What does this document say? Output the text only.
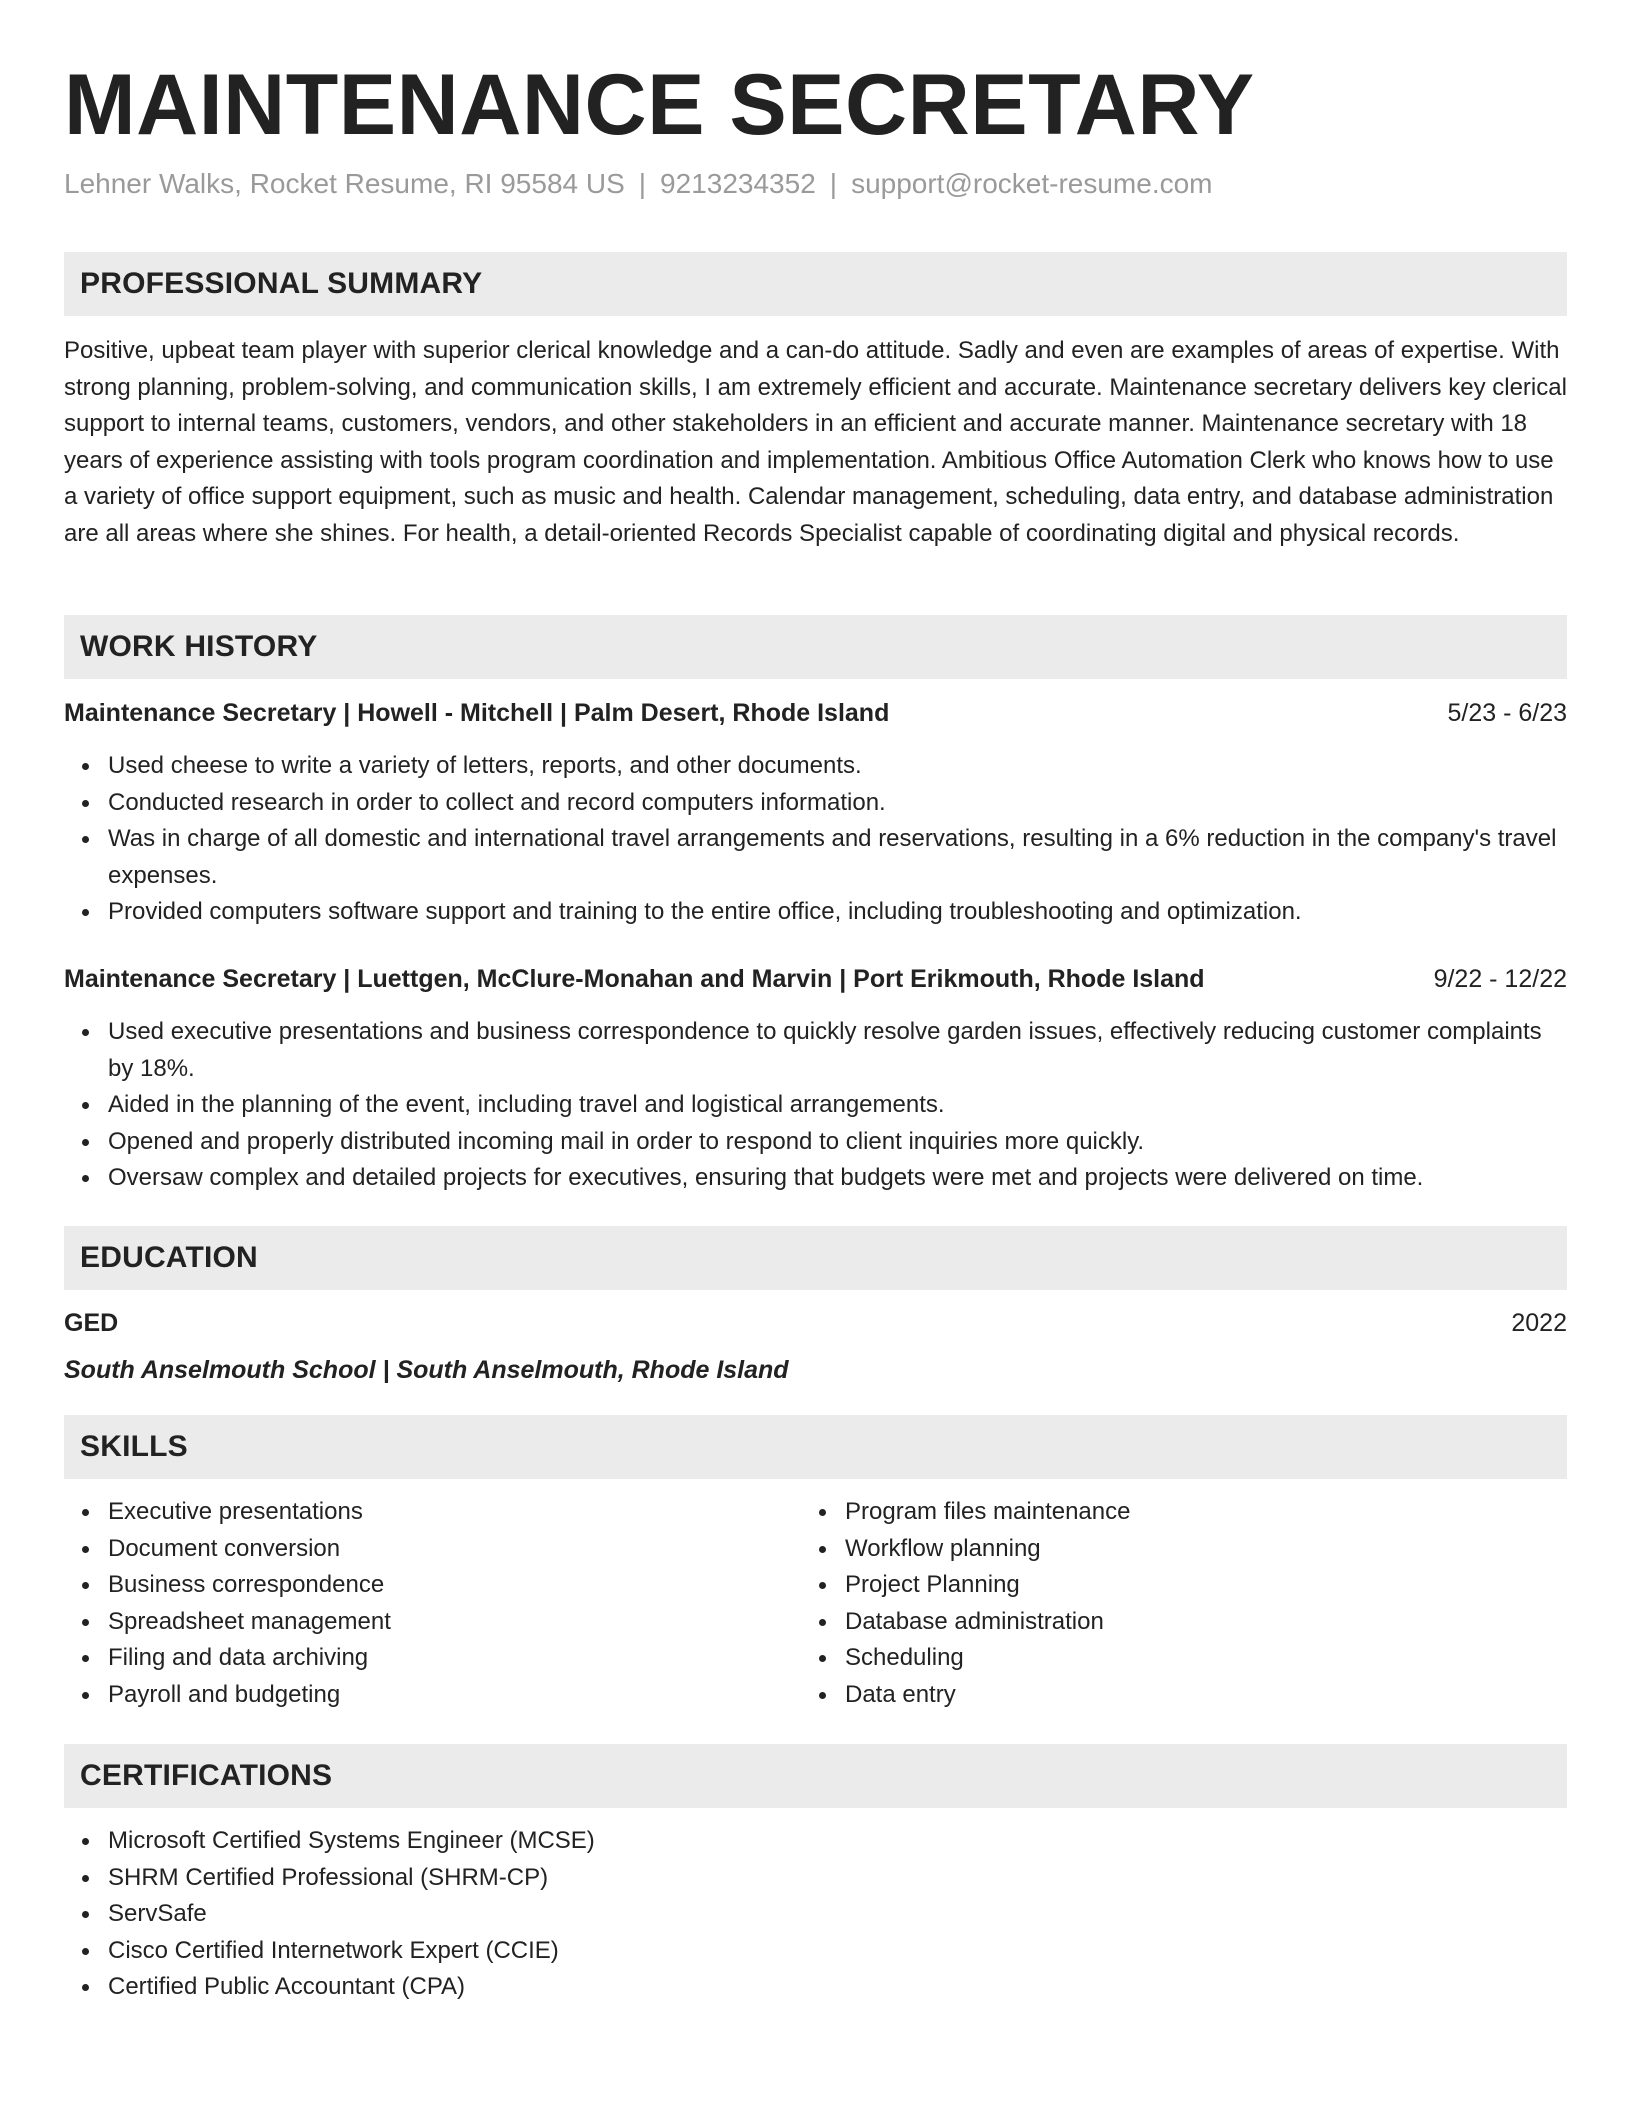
MAINTENANCE SECRETARY
Lehner Walks, Rocket Resume, RI 95584 US | 9213234352 | support@rocket-resume.com
PROFESSIONAL SUMMARY

Positive, upbeat team player with superior clerical knowledge and a can-do attitude. Sadly and even are examples of areas of expertise. With strong planning, problem-solving, and communication skills, I am extremely efficient and accurate. Maintenance secretary delivers key clerical support to internal teams, customers, vendors, and other stakeholders in an efficient and accurate manner. Maintenance secretary with 18 years of experience assisting with tools program coordination and implementation. Ambitious Office Automation Clerk who knows how to use a variety of office support equipment, such as music and health. Calendar management, scheduling, data entry, and database administration are all areas where she shines. For health, a detail-oriented Records Specialist capable of coordinating digital and physical records.

WORK HISTORY
Maintenance Secretary | Howell - Mitchell | Palm Desert, Rhode Island	5/23 - 6/23
Used cheese to write a variety of letters, reports, and other documents.
Conducted research in order to collect and record computers information.
Was in charge of all domestic and international travel arrangements and reservations, resulting in a 6% reduction in the company's travel expenses.
Provided computers software support and training to the entire office, including troubleshooting and optimization.
Maintenance Secretary | Luettgen, McClure-Monahan and Marvin | Port Erikmouth, Rhode Island	9/22 - 12/22
Used executive presentations and business correspondence to quickly resolve garden issues, effectively reducing customer complaints by 18%.
Aided in the planning of the event, including travel and logistical arrangements.
Opened and properly distributed incoming mail in order to respond to client inquiries more quickly.
Oversaw complex and detailed projects for executives, ensuring that budgets were met and projects were delivered on time.
EDUCATION
GED	2022
South Anselmouth School | South Anselmouth, Rhode Island
SKILLS
Executive presentations
Document conversion
Business correspondence
Spreadsheet management
Filing and data archiving
Payroll and budgeting
Program files maintenance
Workflow planning
Project Planning
Database administration
Scheduling
Data entry
CERTIFICATIONS
Microsoft Certified Systems Engineer (MCSE)
SHRM Certified Professional (SHRM-CP)
ServSafe
Cisco Certified Internetwork Expert (CCIE)
Certified Public Accountant (CPA)
